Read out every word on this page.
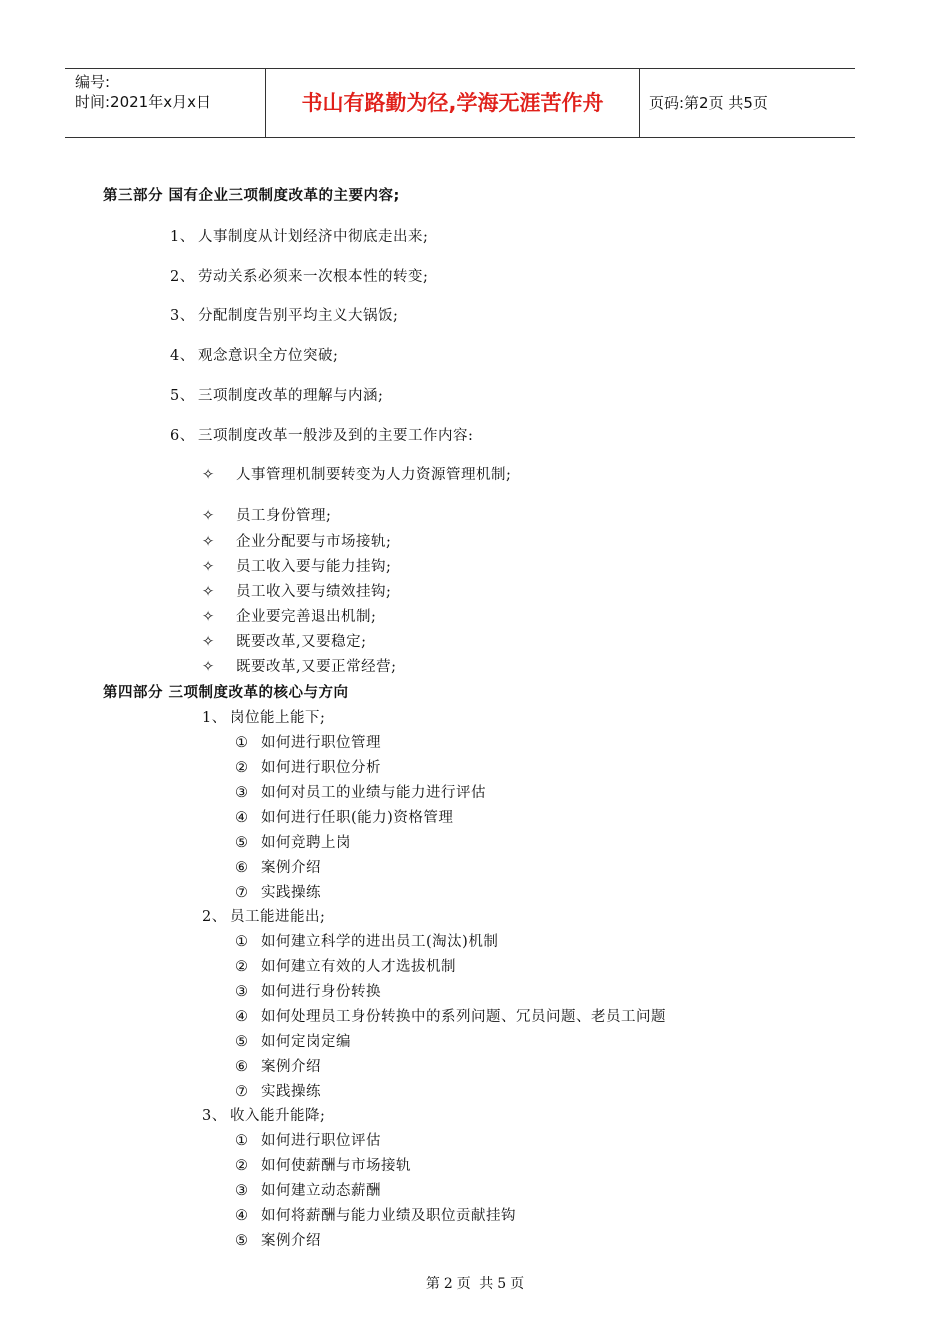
编号:
时间:2021年x月x日	书山有路勤为径,学海无涯苦作舟	页码:第2页 共5页
第三部分 国有企业三项制度改革的主要内容;
1、 人事制度从计划经济中彻底走出来;
2、 劳动关系必须来一次根本性的转变;
3、 分配制度告别平均主义大锅饭;
4、 观念意识全方位突破;
5、 三项制度改革的理解与内涵;
6、 三项制度改革一般涉及到的主要工作内容:
✧ 人事管理机制要转变为人力资源管理机制;
✧ 员工身份管理;
✧ 企业分配要与市场接轨;
✧ 员工收入要与能力挂钩;
✧ 员工收入要与绩效挂钩;
✧ 企业要完善退出机制;
✧ 既要改革,又要稳定;
✧ 既要改革,又要正常经营;
第四部分 三项制度改革的核心与方向
1、 岗位能上能下;
① 如何进行职位管理
② 如何进行职位分析
③ 如何对员工的业绩与能力进行评估
④ 如何进行任职(能力)资格管理
⑤ 如何竞聘上岗
⑥ 案例介绍
⑦ 实践操练
2、 员工能进能出;
① 如何建立科学的进出员工(淘汰)机制
② 如何建立有效的人才选拔机制
③ 如何进行身份转换
④ 如何处理员工身份转换中的系列问题、冗员问题、老员工问题
⑤ 如何定岗定编
⑥ 案例介绍
⑦ 实践操练
3、 收入能升能降;
① 如何进行职位评估
② 如何使薪酬与市场接轨
③ 如何建立动态薪酬
④ 如何将薪酬与能力业绩及职位贡献挂钩
⑤ 案例介绍
第 2 页 共 5 页
